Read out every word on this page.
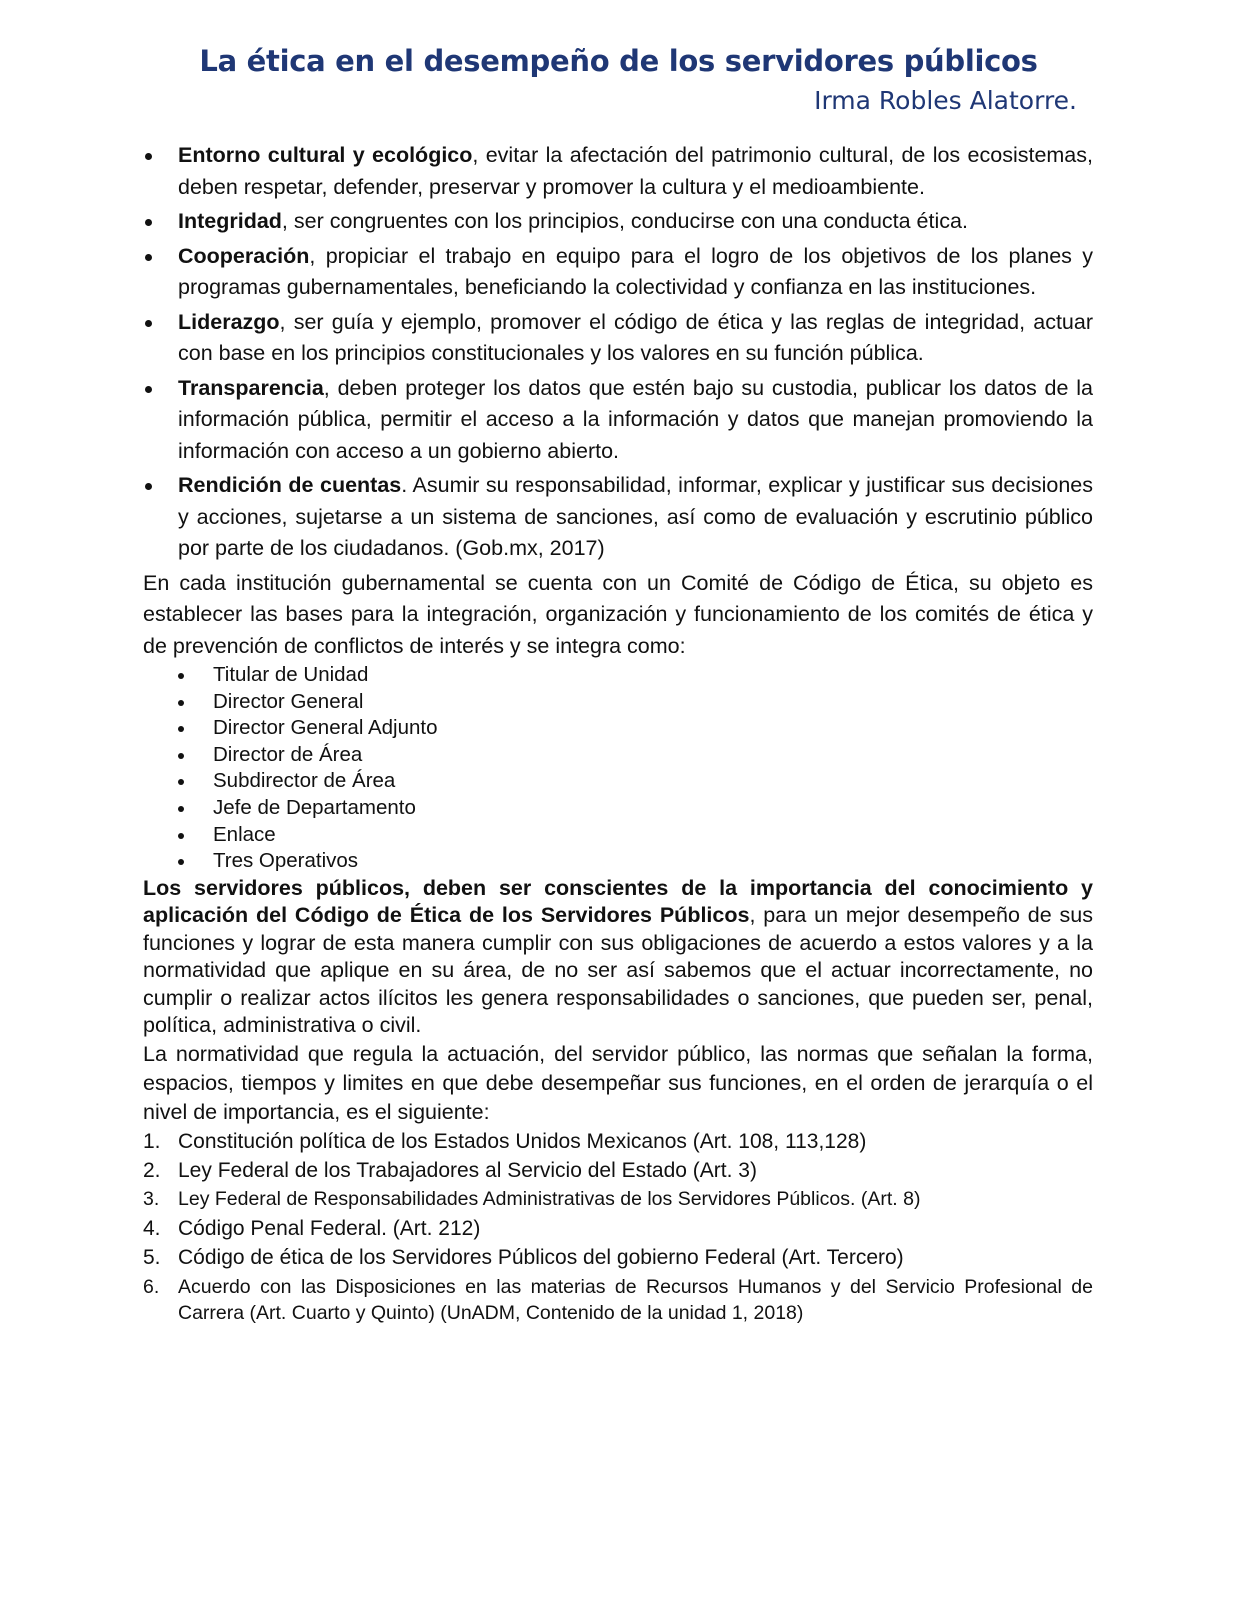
La ética en el desempeño de los servidores públicos
Irma Robles Alatorre.
Entorno cultural y ecológico, evitar la afectación del patrimonio cultural, de los ecosistemas, deben respetar, defender, preservar y promover la cultura y el medioambiente.
Integridad, ser congruentes con los principios, conducirse con una conducta ética.
Cooperación, propiciar el trabajo en equipo para el logro de los objetivos de los planes y programas gubernamentales, beneficiando la colectividad y confianza en las instituciones.
Liderazgo, ser guía y ejemplo, promover el código de ética y las reglas de integridad, actuar con base en los principios constitucionales y los valores en su función pública.
Transparencia, deben proteger los datos que estén bajo su custodia, publicar los datos de la información pública, permitir el acceso a la información y datos que manejan promoviendo la información con acceso a un gobierno abierto.
Rendición de cuentas. Asumir su responsabilidad, informar, explicar y justificar sus decisiones y acciones, sujetarse a un sistema de sanciones, así como de evaluación y escrutinio público por parte de los ciudadanos. (Gob.mx, 2017)

En cada institución gubernamental se cuenta con un Comité de Código de Ética, su objeto es establecer las bases para la integración, organización y funcionamiento de los comités de ética y de prevención de conflictos de interés y se integra como:

Titular de Unidad
Director General
Director General Adjunto
Director de Área
Subdirector de Área
Jefe de Departamento
Enlace
Tres Operativos

Los servidores públicos, deben ser conscientes de la importancia del conocimiento y aplicación del Código de Ética de los Servidores Públicos, para un mejor desempeño de sus funciones y lograr de esta manera cumplir con sus obligaciones de acuerdo a estos valores y a la normatividad que aplique en su área, de no ser así sabemos que el actuar incorrectamente, no cumplir o realizar actos ilícitos les genera responsabilidades o sanciones, que pueden ser, penal, política, administrativa o civil.

La normatividad que regula la actuación, del servidor público, las normas que señalan la forma, espacios, tiempos y limites en que debe desempeñar sus funciones, en el orden de jerarquía o el nivel de importancia, es el siguiente:

1. Constitución política de los Estados Unidos Mexicanos (Art. 108, 113,128)
2. Ley Federal de los Trabajadores al Servicio del Estado (Art. 3)
3. Ley Federal de Responsabilidades Administrativas de los Servidores Públicos. (Art. 8)
4. Código Penal Federal. (Art. 212)
5. Código de ética de los Servidores Públicos del gobierno Federal (Art. Tercero)
6. Acuerdo con las Disposiciones en las materias de Recursos Humanos y del Servicio Profesional de Carrera (Art. Cuarto y Quinto) (UnADM, Contenido de la unidad 1, 2018)
